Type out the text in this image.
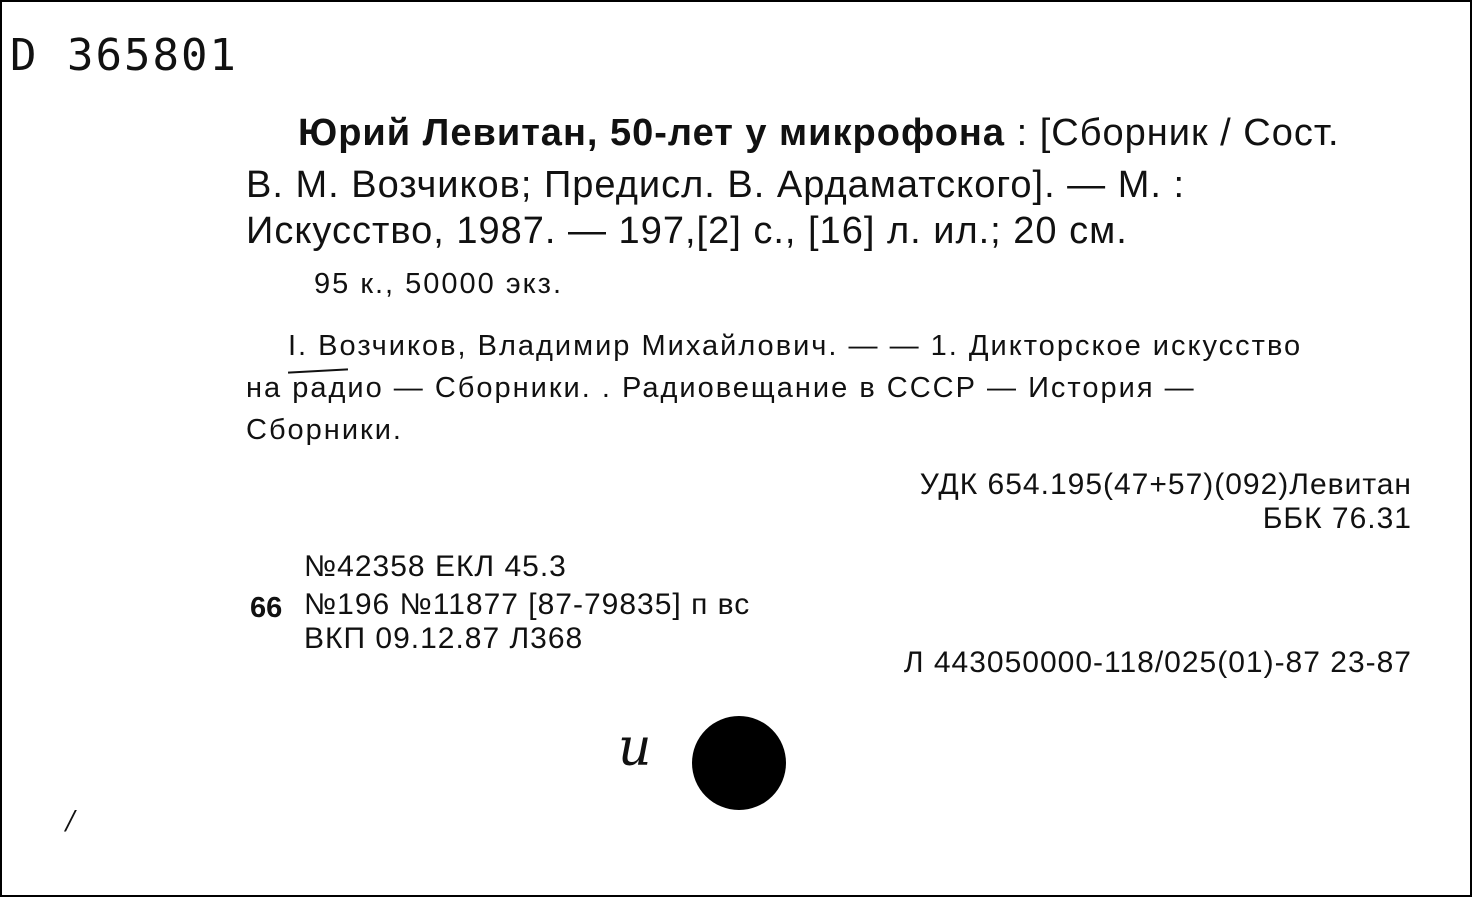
D 365801
Юрий Левитан, 50-лет у микрофона : [Сборник / Сост.
В. М. Возчиков; Предисл. В. Ардаматского]. — М. :
Искусство, 1987. — 197,[2] с., [16] л. ил.; 20 см.
95 к., 50000 экз.
I. Возчиков, Владимир Михайлович. — — 1. Дикторское искусство
на радио — Сборники. . Радиовещание в СССР — История —
Сборники.
УДК 654.195(47+57)(092)Левитан
ББК 76.31
№42358 ЕКЛ 45.3
66 №196 №11877 [87-79835] п вс
ВКП 09.12.87 Л368
Л 443050000-118/025(01)-87 23-87
и
/
